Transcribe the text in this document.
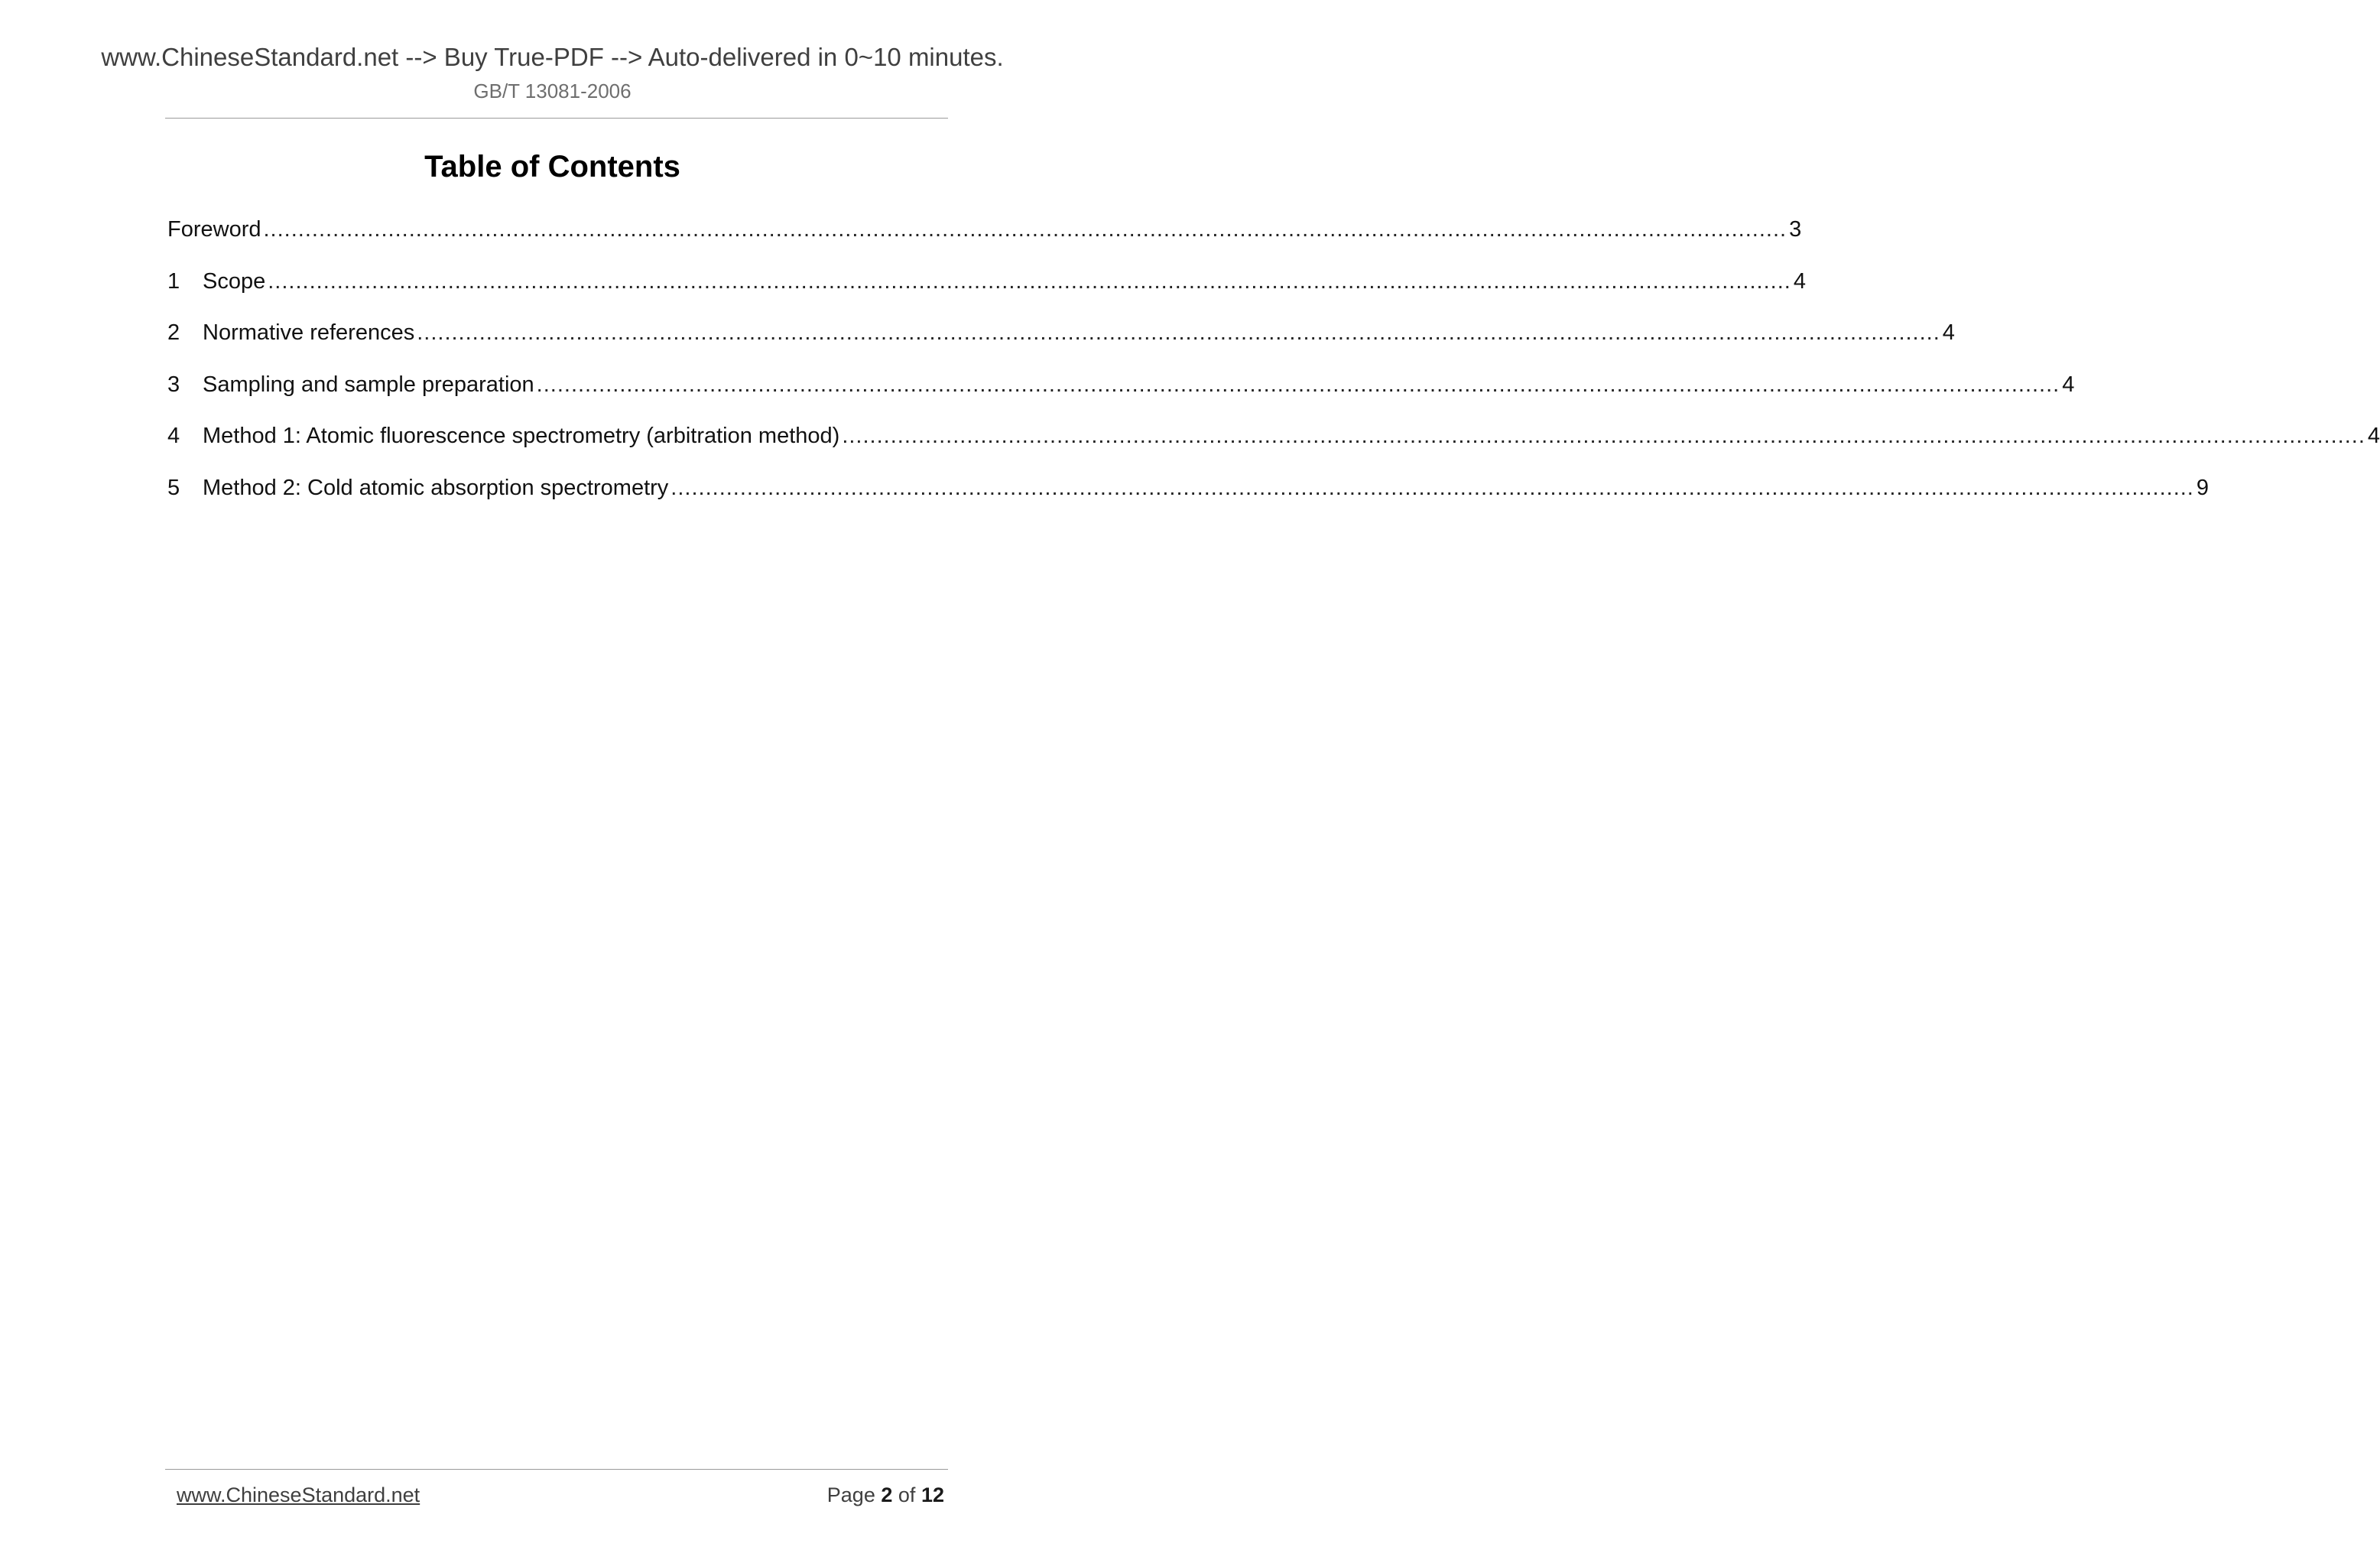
www.ChineseStandard.net --> Buy True-PDF --> Auto-delivered in 0~10 minutes.
GB/T 13081-2006
Table of Contents
Foreword ............................................................................................................................................................................................................................ 3
1	Scope ............................................................................................................................................................................................................................ 4
2	Normative references ............................................................................................................................................................................................................................ 4
3	Sampling and sample preparation ............................................................................................................................................................................................................................ 4
4	Method 1: Atomic fluorescence spectrometry (arbitration method) ............................................................................................................................................................................................................................ 4
5	Method 2: Cold atomic absorption spectrometry ............................................................................................................................................................................................................................ 9
www.ChineseStandard.net	Page 2 of 12
